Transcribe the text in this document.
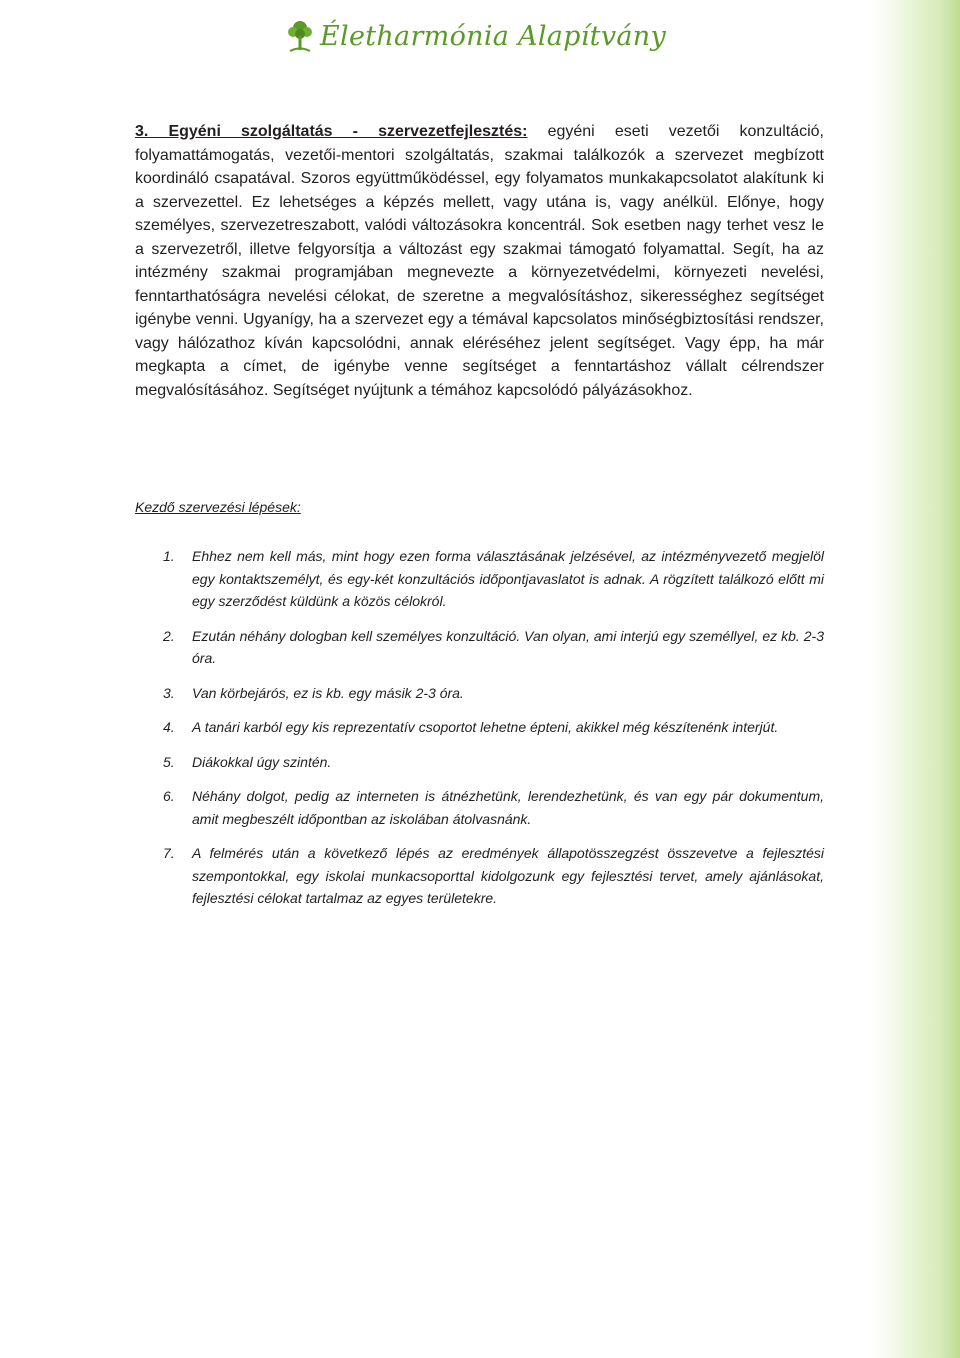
Életharmónia Alapítvány

3. Egyéni szolgáltatás - szervezetfejlesztés: egyéni eseti vezetői konzultáció, folyamattámogatás, vezetői-mentori szolgáltatás, szakmai találkozók a szervezet megbízott koordináló csapatával. Szoros együttműködéssel, egy folyamatos munkakapcsolatot alakítunk ki a szervezettel. Ez lehetséges a képzés mellett, vagy utána is, vagy anélkül. Előnye, hogy személyes, szervezetreszabott, valódi változásokra koncentrál. Sok esetben nagy terhet vesz le a szervezetről, illetve felgyorsítja a változást egy szakmai támogató folyamattal. Segít, ha az intézmény szakmai programjában megnevezte a környezetvédelmi, környezeti nevelési, fenntarthatóságra nevelési célokat, de szeretne a megvalósításhoz, sikerességhez segítséget igénybe venni. Ugyanígy, ha a szervezet egy a témával kapcsolatos minőségbiztosítási rendszer, vagy hálózathoz kíván kapcsolódni, annak eléréséhez jelent segítséget. Vagy épp, ha már megkapta a címet, de igénybe venne segítséget a fenntartáshoz vállalt célrendszer megvalósításához. Segítséget nyújtunk a témához kapcsolódó pályázásokhoz.

Kezdő szervezési lépések:

1.	Ehhez nem kell más, mint hogy ezen forma választásának jelzésével, az intézményvezető megjelöl egy kontaktszemélyt, és egy-két konzultációs időpontjavaslatot is adnak. A rögzített találkozó előtt mi egy szerződést küldünk a közös célokról.
2.	Ezután néhány dologban kell személyes konzultáció. Van olyan, ami interjú egy személlyel, ez kb. 2-3 óra.
3.	Van körbejárós, ez is kb. egy másik 2-3 óra.
4.	A tanári karból egy kis reprezentatív csoportot lehetne épteni, akikkel még készítenénk interjút.
5.	Diákokkal úgy szintén.
6.	Néhány dolgot, pedig az interneten is átnézhetünk, lerendezhetünk, és van egy pár dokumentum, amit megbeszélt időpontban az iskolában átolvasnánk.
7.	A felmérés után a következő lépés az eredmények állapotösszegzést összevetve a fejlesztési szempontokkal, egy iskolai munkacsoporttal kidolgozunk egy fejlesztési tervet, amely ajánlásokat, fejlesztési célokat tartalmaz az egyes területekre.
